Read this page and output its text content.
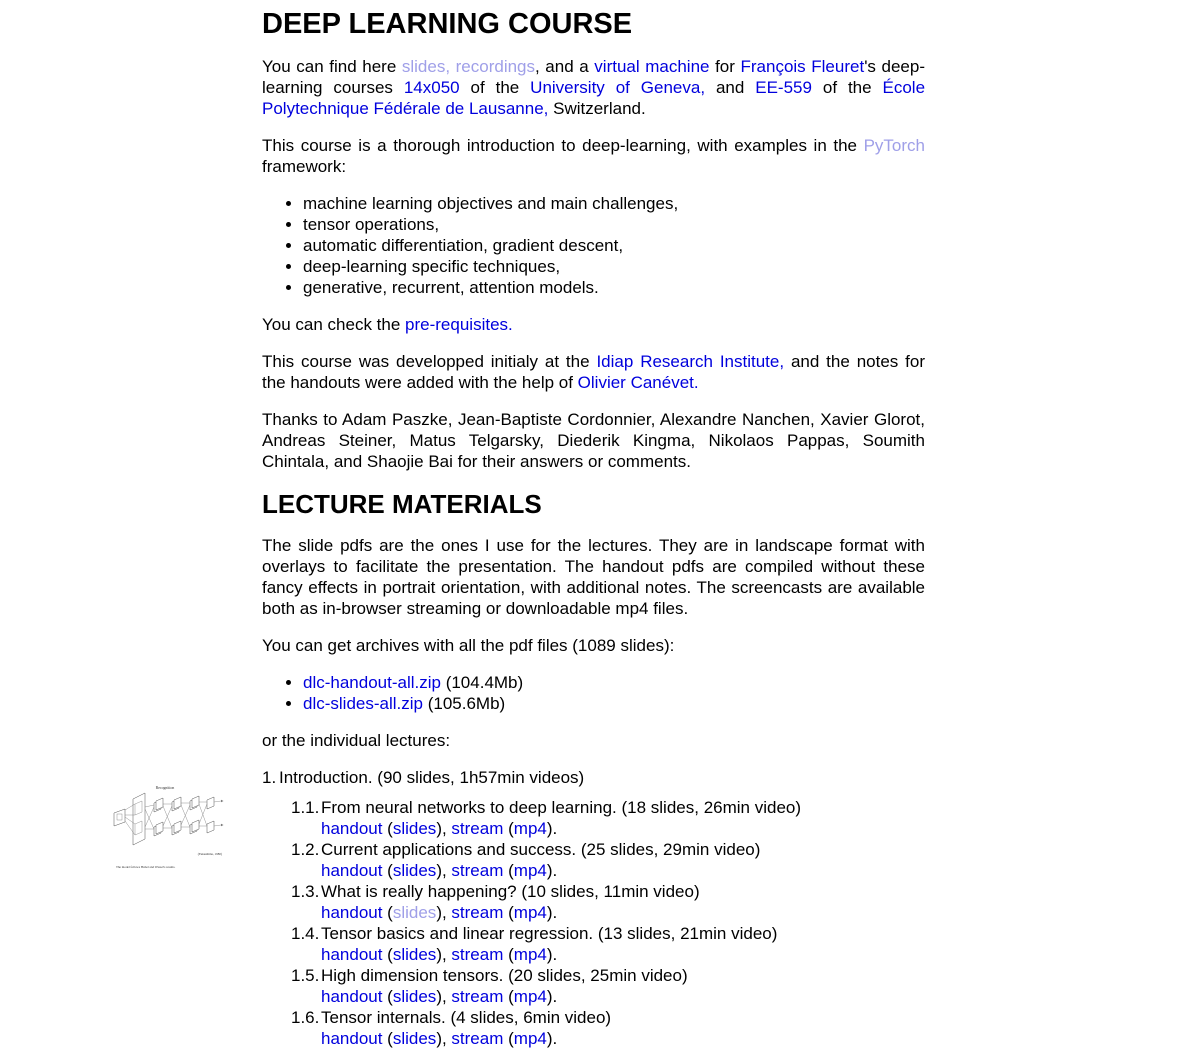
DEEP LEARNING COURSE

You can find here slides, recordings, and a virtual machine for François Fleuret's deep-learning courses 14x050 of the University of Geneva, and EE-559 of the École Polytechnique Fédérale de Lausanne, Switzerland.

This course is a thorough introduction to deep-learning, with examples in the PyTorch framework:

• machine learning objectives and main challenges,
• tensor operations,
• automatic differentiation, gradient descent,
• deep-learning specific techniques,
• generative, recurrent, attention models.

You can check the pre-requisites.

This course was developped initialy at the Idiap Research Institute, and the notes for the handouts were added with the help of Olivier Canévet.

Thanks to Adam Paszke, Jean-Baptiste Cordonnier, Alexandre Nanchen, Xavier Glorot, Andreas Steiner, Matus Telgarsky, Diederik Kingma, Nikolaos Pappas, Soumith Chintala, and Shaojie Bai for their answers or comments.

LECTURE MATERIALS

The slide pdfs are the ones I use for the lectures. They are in landscape format with overlays to facilitate the presentation. The handout pdfs are compiled without these fancy effects in portrait orientation, with additional notes. The screencasts are available both as in-browser streaming or downloadable mp4 files.

You can get archives with all the pdf files (1089 slides):

• dlc-handout-all.zip (104.4Mb)
• dlc-slides-all.zip (105.6Mb)

or the individual lectures:

1. Introduction. (90 slides, 1h57min videos)
1.1. From neural networks to deep learning. (18 slides, 26min video)
handout (slides), stream (mp4).
1.2. Current applications and success. (25 slides, 29min video)
handout (slides), stream (mp4).
1.3. What is really happening? (10 slides, 11min video)
handout (slides), stream (mp4).
1.4. Tensor basics and linear regression. (13 slides, 21min video)
handout (slides), stream (mp4).
1.5. High dimension tensors. (20 slides, 25min video)
handout (slides), stream (mp4).
1.6. Tensor internals. (4 slides, 6min video)
handout (slides), stream (mp4).
Recognition
(Fukushima, 1980)
The model follows Hubel and Wiesel's results.
